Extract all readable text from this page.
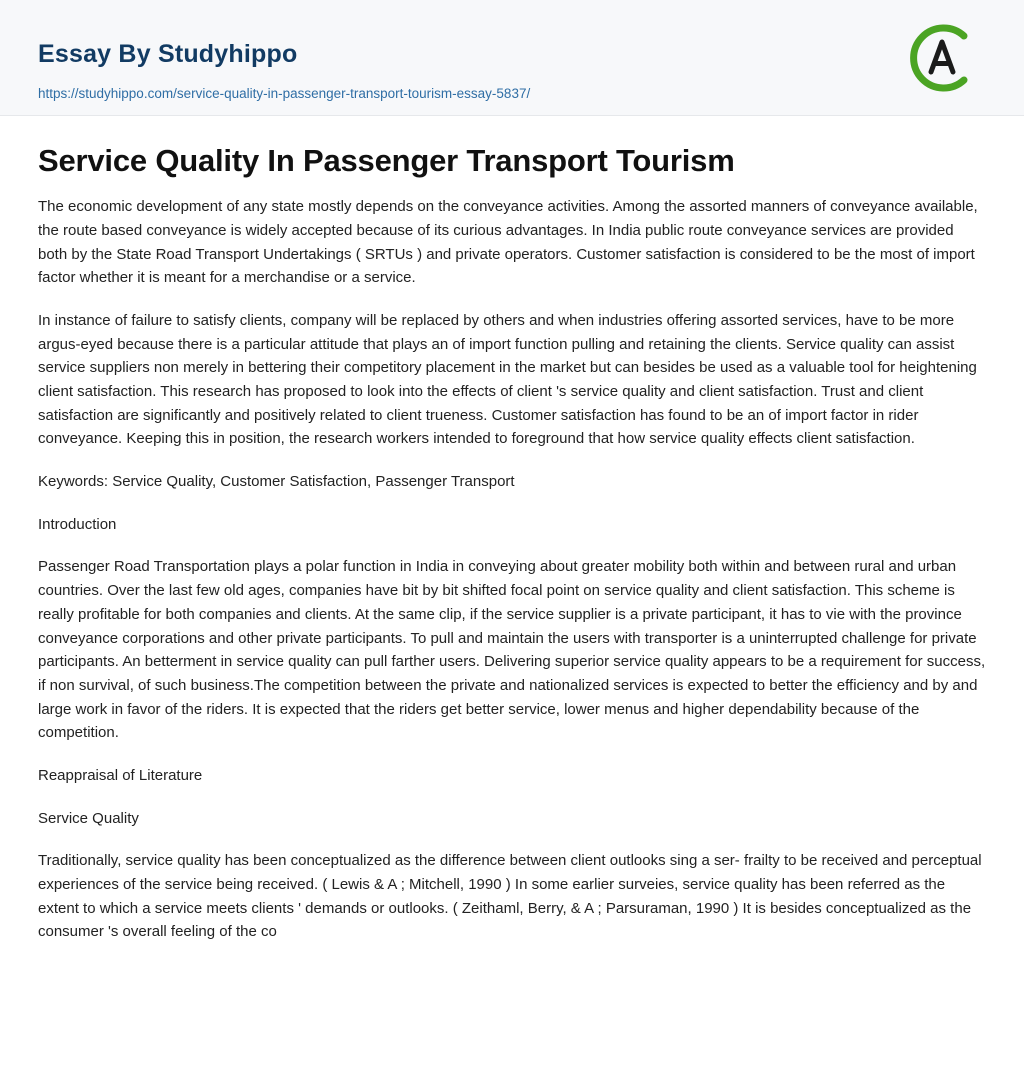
Essay By Studyhippo
https://studyhippo.com/service-quality-in-passenger-transport-tourism-essay-5837/
Service Quality In Passenger Transport Tourism

The economic development of any state mostly depends on the conveyance activities. Among the assorted manners of conveyance available, the route based conveyance is widely accepted because of its curious advantages. In India public route conveyance services are provided both by the State Road Transport Undertakings ( SRTUs ) and private operators. Customer satisfaction is considered to be the most of import factor whether it is meant for a merchandise or a service.

In instance of failure to satisfy clients, company will be replaced by others and when industries offering assorted services, have to be more argus-eyed because there is a particular attitude that plays an of import function pulling and retaining the clients. Service quality can assist service suppliers non merely in bettering their competitory placement in the market but can besides be used as a valuable tool for heightening client satisfaction. This research has proposed to look into the effects of client 's service quality and client satisfaction. Trust and client satisfaction are significantly and positively related to client trueness. Customer satisfaction has found to be an of import factor in rider conveyance. Keeping this in position, the research workers intended to foreground that how service quality effects client satisfaction.

Keywords: Service Quality, Customer Satisfaction, Passenger Transport

Introduction

Passenger Road Transportation plays a polar function in India in conveying about greater mobility both within and between rural and urban countries. Over the last few old ages, companies have bit by bit shifted focal point on service quality and client satisfaction. This scheme is really profitable for both companies and clients. At the same clip, if the service supplier is a private participant, it has to vie with the province conveyance corporations and other private participants. To pull and maintain the users with transporter is a uninterrupted challenge for private participants. An betterment in service quality can pull farther users. Delivering superior service quality appears to be a requirement for success, if non survival, of such business.The competition between the private and nationalized services is expected to better the efficiency and by and large work in favor of the riders. It is expected that the riders get better service, lower menus and higher dependability because of the competition.

Reappraisal of Literature

Service Quality

Traditionally, service quality has been conceptualized as the difference between client outlooks sing a ser- frailty to be received and perceptual experiences of the service being received. ( Lewis & A ; Mitchell, 1990 ) In some earlier surveies, service quality has been referred as the extent to which a service meets clients ' demands or outlooks. ( Zeithaml, Berry, & A ; Parsuraman, 1990 ) It is besides conceptualized as the consumer 's overall feeling of the co
